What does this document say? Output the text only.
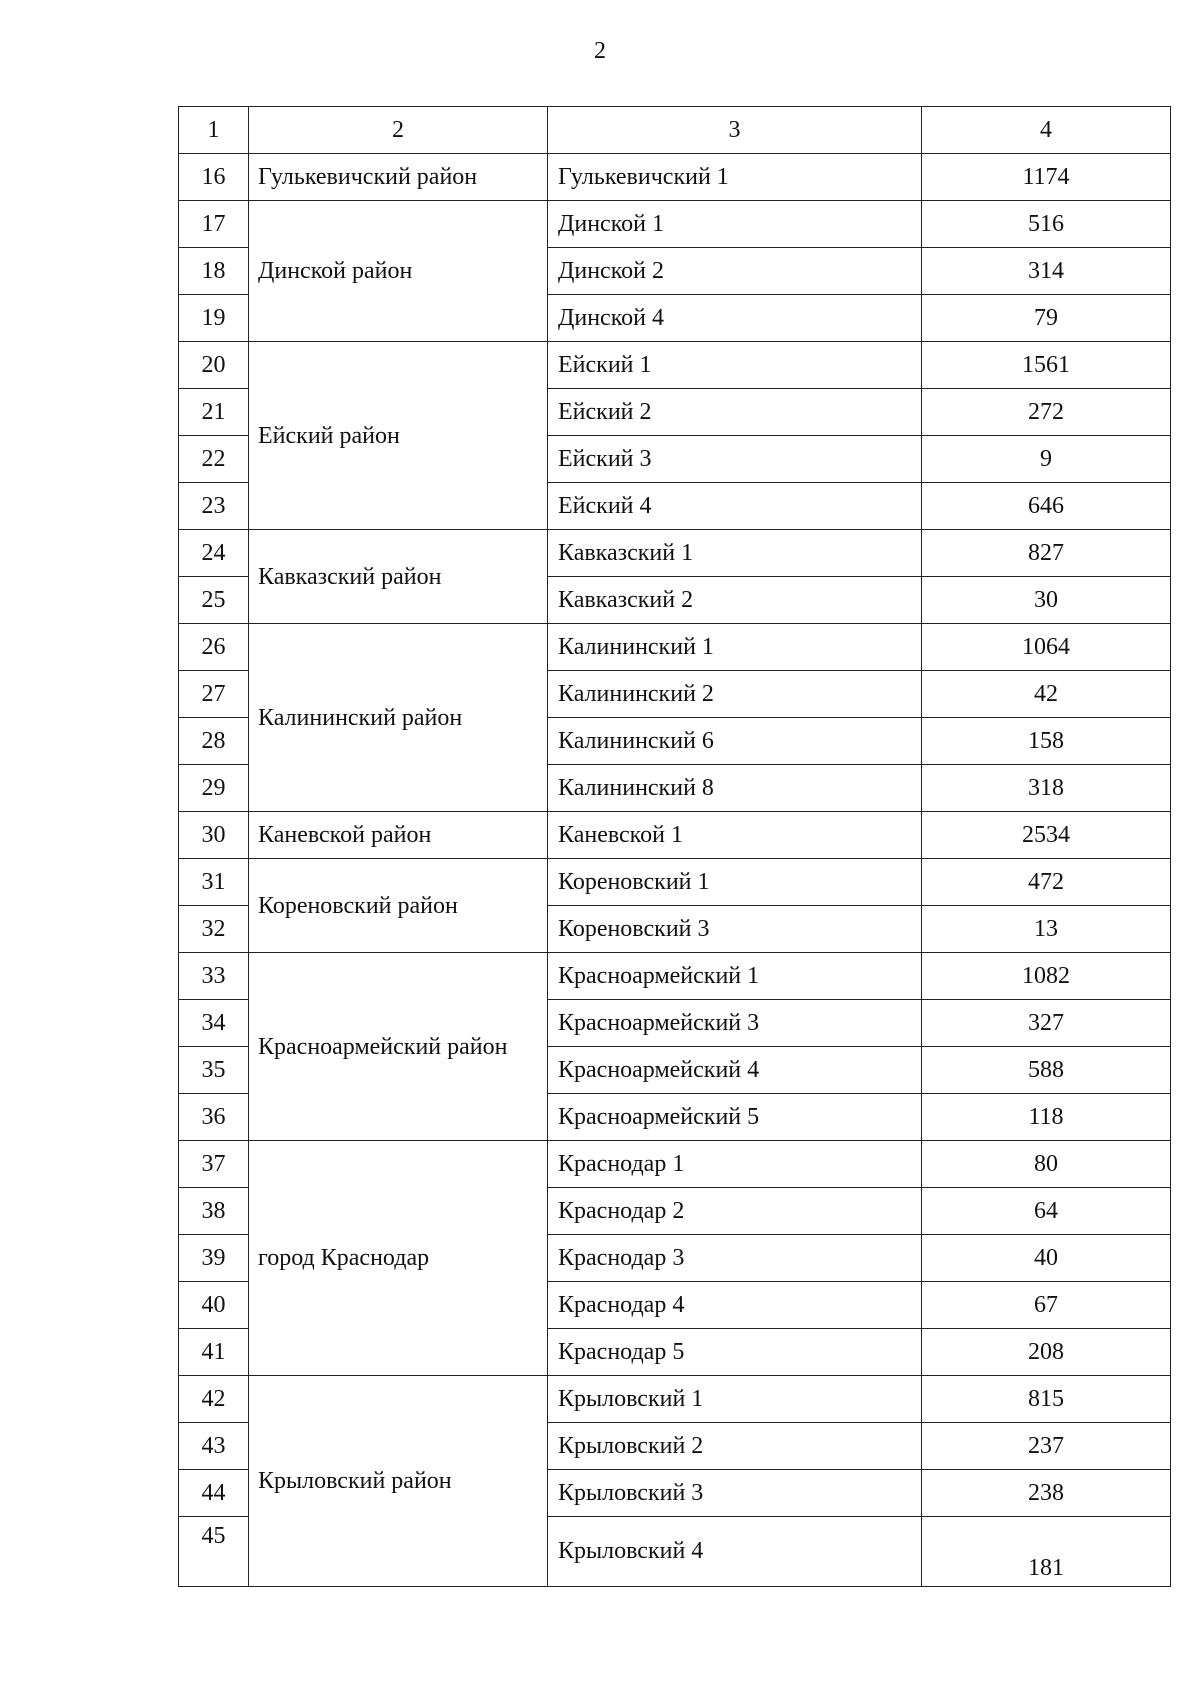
2
1	2	3	4
16	Гулькевичский район	Гулькевичский 1	1174
17	Динской район	Динской 1	516
18		Динской 2	314
19		Динской 4	79
20	Ейский район	Ейский 1	1561
21		Ейский 2	272
22		Ейский 3	9
23		Ейский 4	646
24	Кавказский район	Кавказский 1	827
25		Кавказский 2	30
26	Калининский район	Калининский 1	1064
27		Калининский 2	42
28		Калининский 6	158
29		Калининский 8	318
30	Каневской район	Каневской 1	2534
31	Кореновский район	Кореновский 1	472
32		Кореновский 3	13
33	Красноармейский район	Красноармейский 1	1082
34		Красноармейский 3	327
35		Красноармейский 4	588
36		Красноармейский 5	118
37	город Краснодар	Краснодар 1	80
38		Краснодар 2	64
39		Краснодар 3	40
40		Краснодар 4	67
41		Краснодар 5	208
42	Крыловский район	Крыловский 1	815
43		Крыловский 2	237
44		Крыловский 3	238
45		Крыловский 4	181
